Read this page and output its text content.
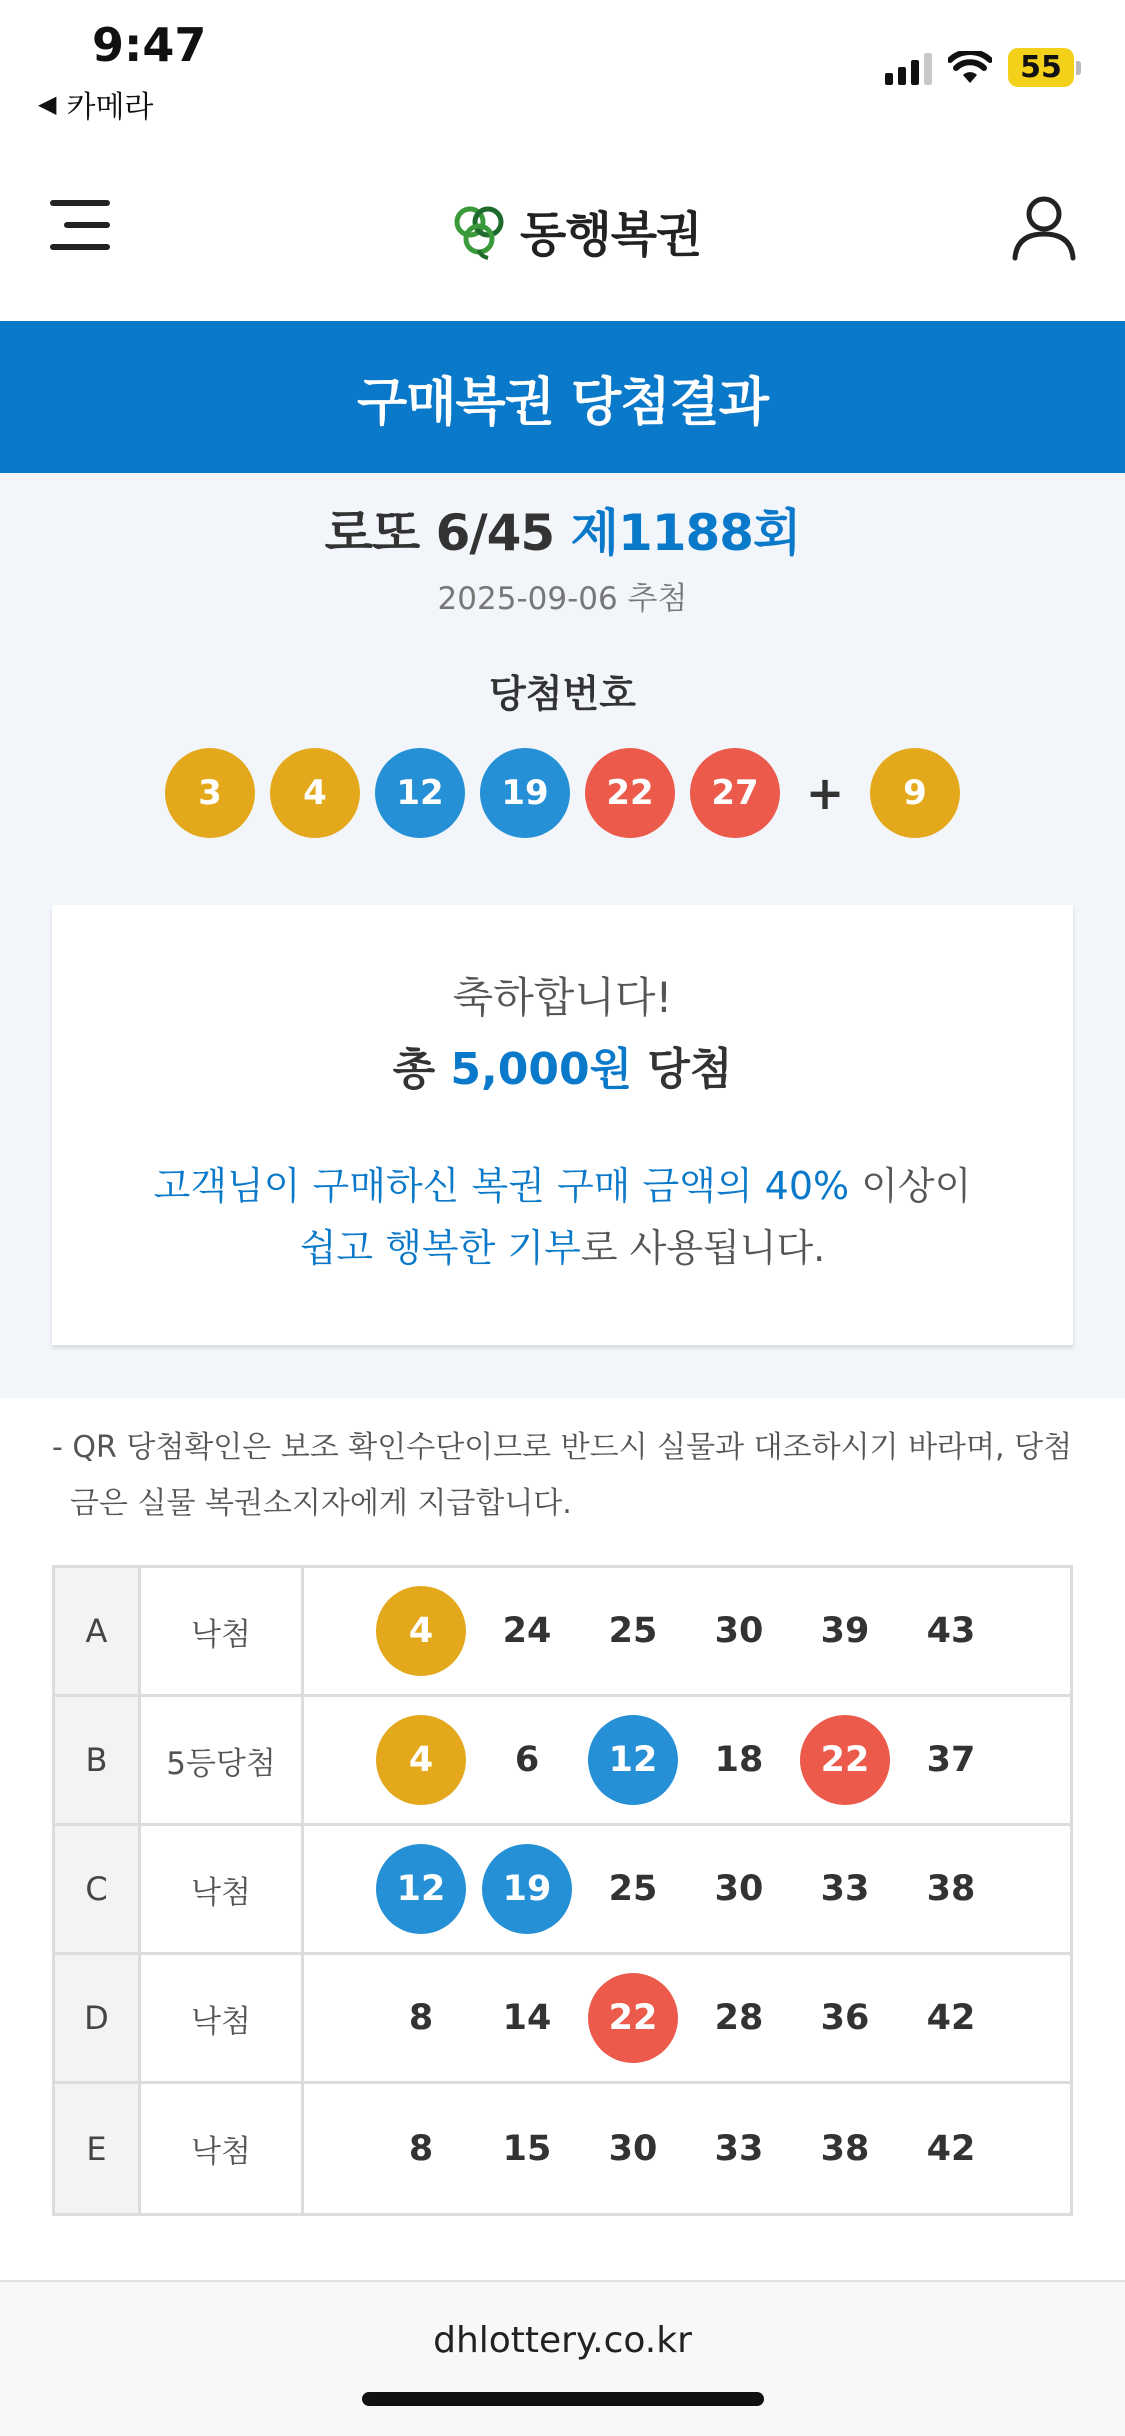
9:47
◀ 카메라
55
동행복권
구매복권 당첨결과
로또 6/45 제1188회
2025-09-06 추첨
당첨번호
3	4	12	19	22	27	+	9
축하합니다!
총 5,000원 당첨
고객님이 구매하신 복권 구매 금액의 40% 이상이
쉽고 행복한 기부로 사용됩니다.
- QR 당첨확인은 보조 확인수단이므로 반드시 실물과 대조하시기 바라며, 당첨금은 실물 복권소지자에게 지급합니다.
A	낙첨	4	24	25	30	39	43
B	5등당첨	4	6	12	18	22	37
C	낙첨	12	19	25	30	33	38
D	낙첨	8	14	22	28	36	42
E	낙첨	8	15	30	33	38	42
dhlottery.co.kr
